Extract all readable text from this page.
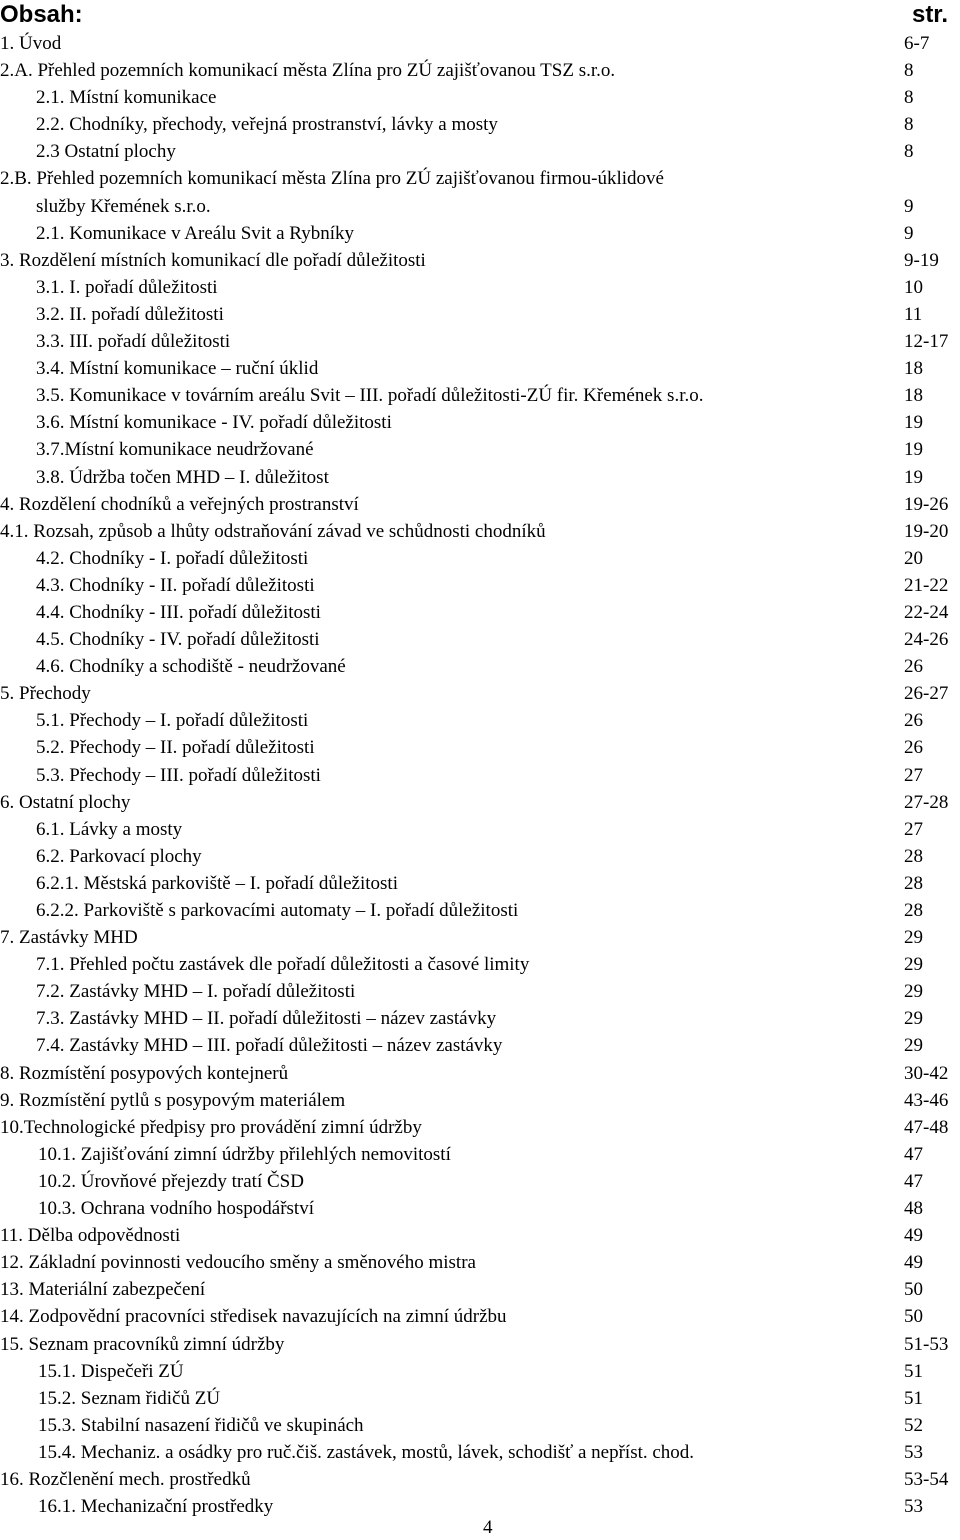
Obsah:	str.
1. Úvod	6-7
2.A. Přehled pozemních komunikací města Zlína pro ZÚ zajišťovanou TSZ s.r.o.	8
2.1. Místní komunikace	8
2.2. Chodníky, přechody, veřejná prostranství, lávky a mosty	8
2.3 Ostatní plochy	8
2.B. Přehled pozemních komunikací města Zlína pro ZÚ zajišťovanou firmou-úklidové
služby Křemének s.r.o.	9
2.1. Komunikace v Areálu Svit a Rybníky	9
3. Rozdělení místních komunikací dle pořadí důležitosti	9-19
3.1. I. pořadí důležitosti	10
3.2. II. pořadí důležitosti	11
3.3. III. pořadí důležitosti	12-17
3.4. Místní komunikace – ruční úklid	18
3.5. Komunikace v továrním areálu Svit – III. pořadí důležitosti-ZÚ fir. Křemének s.r.o.	18
3.6. Místní komunikace - IV. pořadí důležitosti	19
3.7.Místní komunikace neudržované	19
3.8. Údržba točen MHD – I. důležitost	19
4. Rozdělení chodníků a veřejných prostranství	19-26
4.1. Rozsah, způsob a lhůty odstraňování závad ve schůdnosti chodníků	19-20
4.2. Chodníky - I. pořadí důležitosti	20
4.3. Chodníky - II. pořadí důležitosti	21-22
4.4. Chodníky - III. pořadí důležitosti	22-24
4.5. Chodníky - IV. pořadí důležitosti	24-26
4.6. Chodníky a schodiště - neudržované	26
5. Přechody	26-27
5.1. Přechody – I. pořadí důležitosti	26
5.2. Přechody – II. pořadí důležitosti	26
5.3. Přechody – III. pořadí důležitosti	27
6. Ostatní plochy	27-28
6.1. Lávky a mosty	27
6.2. Parkovací plochy	28
6.2.1. Městská parkoviště – I. pořadí důležitosti	28
6.2.2. Parkoviště s parkovacími automaty – I. pořadí důležitosti	28
7. Zastávky MHD	29
7.1. Přehled počtu zastávek dle pořadí důležitosti a časové limity	29
7.2. Zastávky MHD – I. pořadí důležitosti	29
7.3. Zastávky MHD – II. pořadí důležitosti – název zastávky	29
7.4. Zastávky MHD – III. pořadí důležitosti – název zastávky	29
8. Rozmístění posypových kontejnerů	30-42
9. Rozmístění pytlů s posypovým materiálem	43-46
10.Technologické předpisy pro provádění zimní údržby	47-48
10.1. Zajišťování zimní údržby přilehlých nemovitostí	47
10.2. Úrovňové přejezdy tratí ČSD	47
10.3. Ochrana vodního hospodářství	48
11. Dělba odpovědnosti	49
12. Základní povinnosti vedoucího směny a směnového mistra	49
13. Materiální zabezpečení	50
14. Zodpovědní pracovníci středisek navazujících na zimní údržbu	50
15. Seznam pracovníků zimní údržby	51-53
15.1. Dispečeři ZÚ	51
15.2. Seznam řidičů ZÚ	51
15.3. Stabilní nasazení řidičů ve skupinách	52
15.4. Mechaniz. a osádky pro ruč.čiš. zastávek, mostů, lávek, schodišť a nepříst. chod.	53
16. Rozčlenění mech. prostředků	53-54
16.1. Mechanizační prostředky	53
4
